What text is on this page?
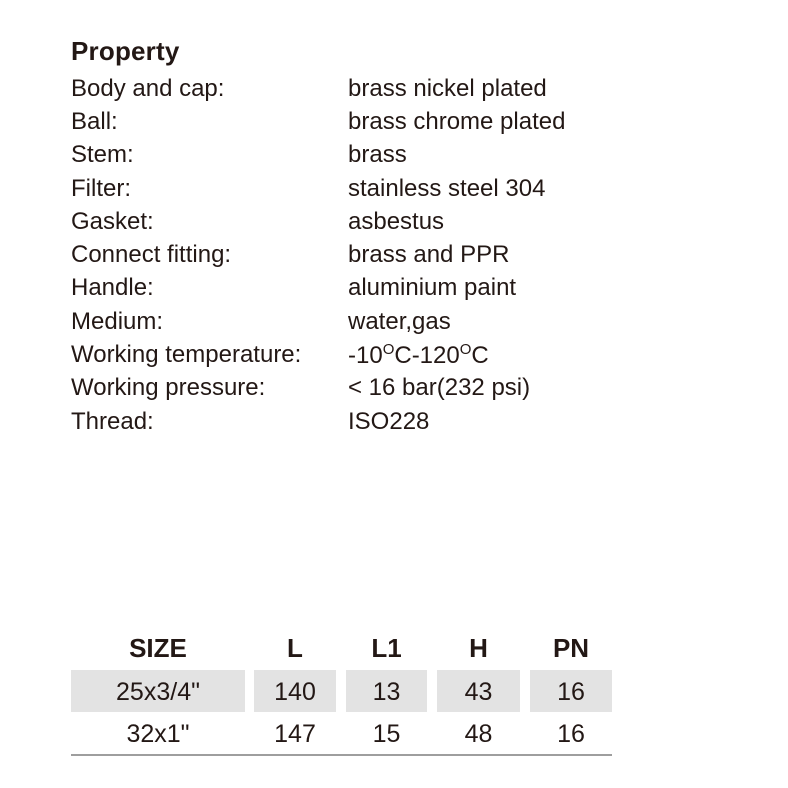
Property
Body and cap:	brass nickel plated
Ball:	brass chrome plated
Stem:	brass
Filter:	stainless steel 304
Gasket:	asbestus
Connect fitting:	brass and PPR
Handle:	aluminium paint
Medium:	water,gas
Working temperature:	$-10^OC-120^OC$
Working pressure:	< 16 bar(232 psi)
Thread:	ISO228
SIZE	L	L1	H	PN
25x3/4"	140	13	43	16
32x1"	147	15	48	16
